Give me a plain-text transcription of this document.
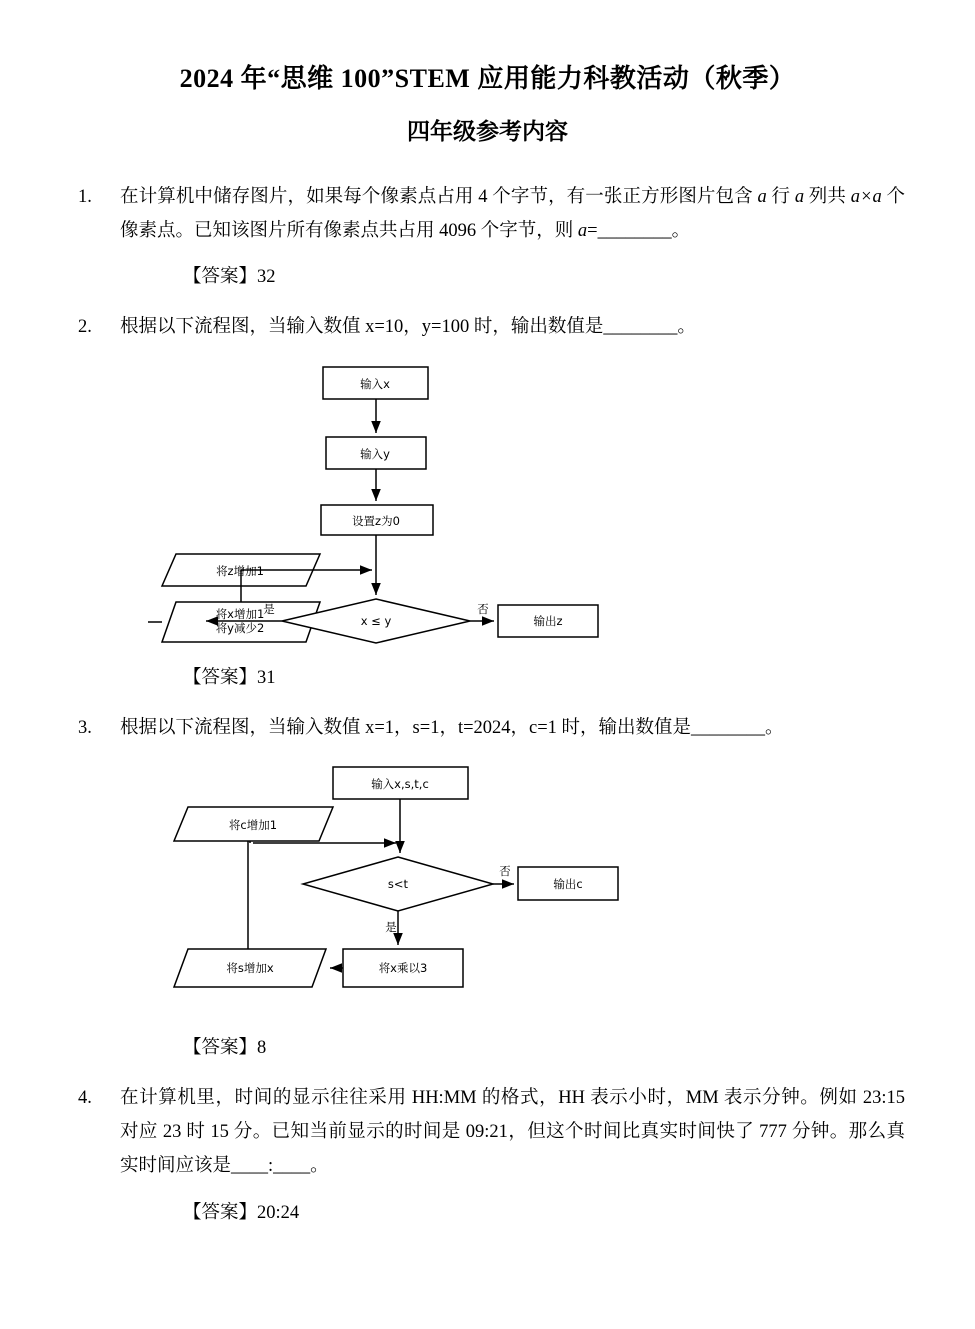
2024 年“思维 100”STEM 应用能力科教活动（秋季）
四年级参考内容
1.	在计算机中储存图片，如果每个像素点占用 4 个字节，有一张正方形图片包含 a 行 a 列共 a×a 个像素点。已知该图片所有像素点共占用 4096 个字节，则 a=________。
【答案】32
2.	根据以下流程图，当输入数值 x=10，y=100 时，输出数值是________。
输入x
输入y
设置z为0
将z增加1
将x增加1
将y减少2	x ≤ y	输出z
是	否
【答案】31
3.	根据以下流程图，当输入数值 x=1，s=1，t=2024，c=1 时，输出数值是________。
输入x,s,t,c
将c增加1
s<t	输出c
将s增加x	将x乘以3
是
否
【答案】8
4.	在计算机里，时间的显示往往采用 HH:MM 的格式，HH 表示小时，MM 表示分钟。例如 23:15 对应 23 时 15 分。已知当前显示的时间是 09:21，但这个时间比真实时间快了 777 分钟。那么真实时间应该是____:____。
【答案】20:24
